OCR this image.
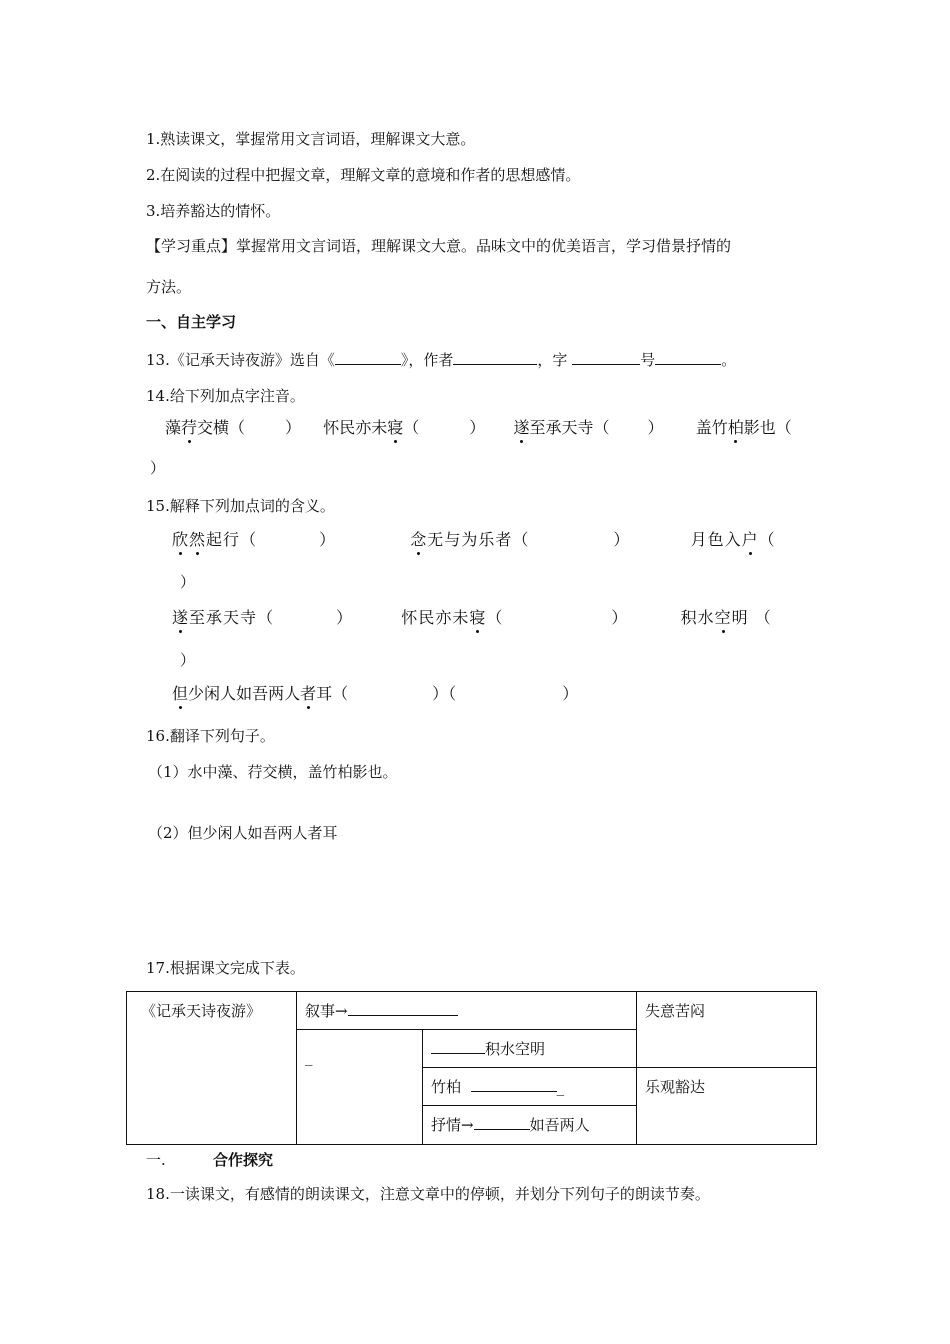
1.熟读课文，掌握常用文言词语，理解课文大意。
2.在阅读的过程中把握文章，理解文章的意境和作者的思想感情。
3.培养豁达的情怀。
【学习重点】掌握常用文言词语，理解课文大意。品味文中的优美语言，学习借景抒情的
方法。
一、自主学习
13.《记承天诗夜游》选自《	》，作者	，字	号	。
14.给下列加点字注音。
藻荇交横（	） 怀民亦未寝（	） 遂至承天寺（ ） 盖竹柏影也（
）
15.解释下列加点词的含义。
欣然起行（	）	念无与为乐者（	）	月色入户（
）
遂至承天寺（	）	怀民亦未寝（	）	积水空明 （
）
但少闲人如吾两人者耳（	）（	）
16.翻译下列句子。
（1）水中藻、荇交横，盖竹柏影也。
（2）但少闲人如吾两人者耳
17.根据课文完成下表。
《记承天诗夜游》	叙事→		失意苦闷
	_	积水空明	
		竹柏 _	乐观豁达
		抒情→ 如吾两人	
一.	合作探究
18.一读课文，有感情的朗读课文，注意文章中的停顿，并划分下列句子的朗读节奏。
